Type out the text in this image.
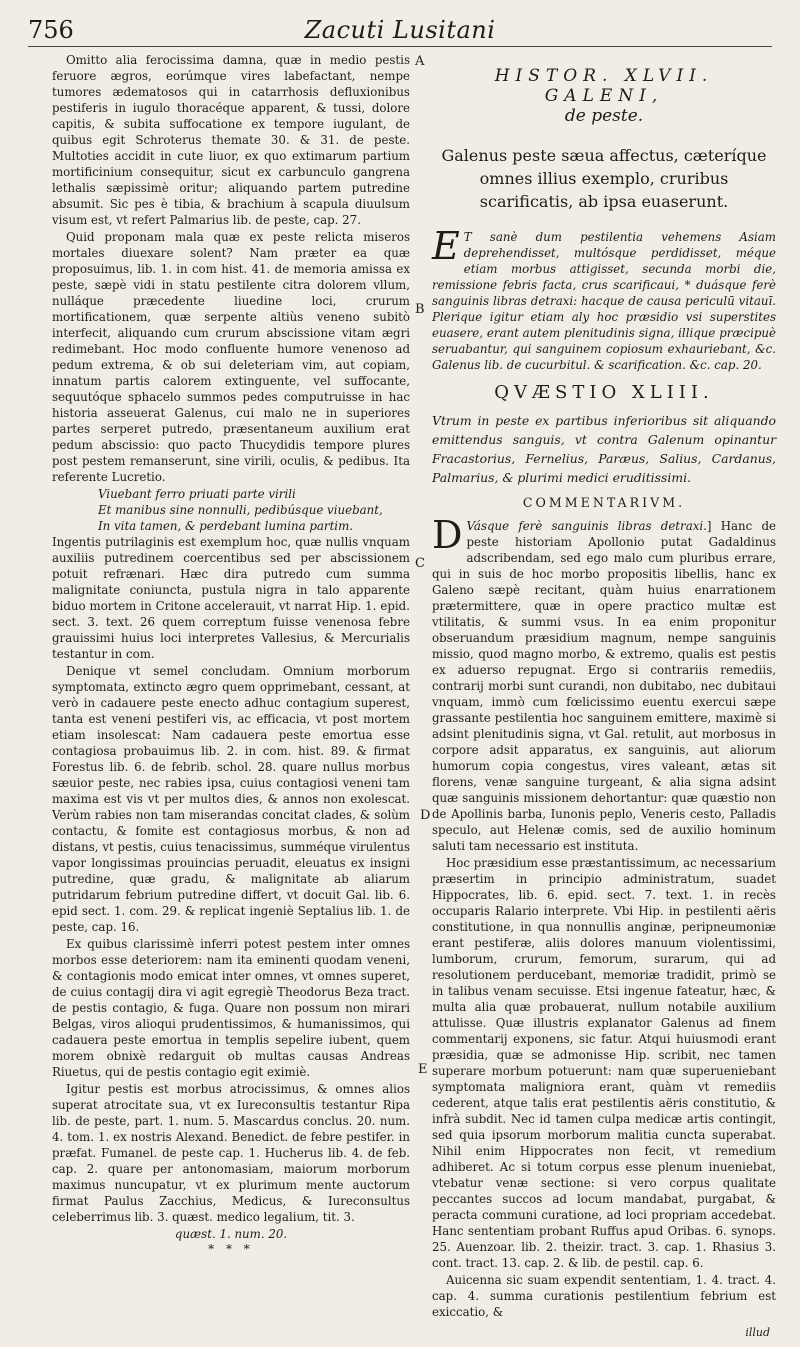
756	Zacuti Lusitani
A
B
C
D
E

Omitto alia ferocissima damna, quæ in medio pestis feruore ægros, eorúmque vires labefactant, nempe tumores ædematosos qui in catarrhosis defluxionibus pestiferis in iugulo thoracéque apparent, & tussi, dolore capitis, & subita suffocatione ex tempore iugulant, de quibus egit Schroterus themate 30. & 31. de peste. Multoties accidit in cute liuor, ex quo extimarum partium mortificinium consequitur, sicut ex carbunculo gangrena lethalis sæpissimè oritur; aliquando partem putredine absumit. Sic pes è tibia, & brachium à scapula diuulsum visum est, vt refert Palmarius lib. de peste, cap. 27.

Quid proponam mala quæ ex peste relicta miseros mortales diuexare solent? Nam præter ea quæ proposuimus, lib. 1. in com hist. 41. de memoria amissa ex peste, sæpè vidi in statu pestilente citra dolorem vllum, nulláque præcedente liuedine loci, crurum mortificationem, quæ serpente altiùs veneno subitò interfecit, aliquando cum crurum abscissione vitam ægri redimebant. Hoc modo confluente humore venenoso ad pedum extrema, & ob sui deleteriam vim, aut copiam, innatum partis calorem extinguente, vel suffocante, sequutóque sphacelo summos pedes computruisse in hac historia asseuerat Galenus, cui malo ne in superiores partes serperet putredo, præsentaneum auxilium erat pedum abscissio: quo pacto Thucydidis tempore plures post pestem remanserunt, sine virili, oculis, & pedibus. Ita referente Lucretio.

Viuebant ferro priuati parte virili
Et manibus sine nonnulli, pedibúsque viuebant,
In vita tamen, & perdebant lumina partim.

Ingentis putrilaginis est exemplum hoc, quæ nullis vnquam auxiliis putredinem coercentibus sed per abscissionem potuit refrænari. Hæc dira putredo cum summa malignitate coniuncta, pustula nigra in talo apparente biduo mortem in Critone accelerauit, vt narrat Hip. 1. epid. sect. 3. text. 26 quem correptum fuisse venenosa febre grauissimi huius loci interpretes Vallesius, & Mercurialis testantur in com.

Denique vt semel concludam. Omnium morborum symptomata, extincto ægro quem opprimebant, cessant, at verò in cadauere peste enecto adhuc contagium superest, tanta est veneni pestiferi vis, ac efficacia, vt post mortem etiam insolescat: Nam cadauera peste emortua esse contagiosa probauimus lib. 2. in com. hist. 89. & firmat Forestus lib. 6. de febrib. schol. 28. quare nullus morbus sæuior peste, nec rabies ipsa, cuius contagiosi veneni tam maxima est vis vt per multos dies, & annos non exolescat. Verùm rabies non tam miserandas concitat clades, & solùm contactu, & fomite est contagiosus morbus, & non ad distans, vt pestis, cuius tenacissimus, summéque virulentus vapor longissimas prouincias peruadit, eleuatus ex insigni putredine, quæ gradu, & malignitate ab aliarum putridarum febrium putredine differt, vt docuit Gal. lib. 6. epid sect. 1. com. 29. & replicat ingeniè Septalius lib. 1. de peste, cap. 16.

Ex quibus clarissimè inferri potest pestem inter omnes morbos esse deteriorem: nam ita eminenti quodam veneni, & contagionis modo emicat inter omnes, vt omnes superet, de cuius contagij dira vi agit egregiè Theodorus Beza tract. de pestis contagio, & fuga. Quare non possum non mirari Belgas, viros alioqui prudentissimos, & humanissimos, qui cadauera peste emortua in templis sepelire iubent, quem morem obnixè redarguit ob multas causas Andreas Riuetus, qui de pestis contagio egit eximiè.

Igitur pestis est morbus atrocissimus, & omnes alios superat atrocitate sua, vt ex Iureconsultis testantur Ripa lib. de peste, part. 1. num. 5. Mascardus conclus. 20. num. 4. tom. 1. ex nostris Alexand. Benedict. de febre pestifer. in præfat. Fumanel. de peste cap. 1. Hucherus lib. 4. de feb. cap. 2. quare per antonomasiam, maiorum morborum maximus nuncupatur, vt ex plurimum mente auctorum firmat Paulus Zacchius, Medicus, & Iureconsultus celeberrimus lib. 3. quæst. medico legalium, tit. 3.

quæst. 1. num. 20.
* * *
HISTOR. XLVII. GALENI,
de peste.
Galenus peste sæua affectus, cæteríque omnes illius exemplo, cruribus scarificatis, ab ipsa euaserunt.

E T sanè dum pestilentia vehemens Asiam deprehendisset, multósque perdidisset, méque etiam morbus attigisset, secunda morbi die, remissione febris facta, crus scarificaui, * duásque ferè sanguinis libras detraxi: hacque de causa periculū vitauī. Plerique igitur etiam aly hoc præsidio vsi superstites euasere, erant autem plenitudinis signa, illique præcipuè seruabantur, qui sanguinem copiosum exhauriebant, &c. Galenus lib. de cucurbitul. & scarification. &c. cap. 20.

QVÆSTIO XLIII.
Vtrum in peste ex partibus inferioribus sit aliquando emittendus sanguis, vt contra Galenum opinantur Fracastorius, Fernelius, Paræus, Salius, Cardanus, Palmarius, & plurimi medici eruditissimi.
COMMENTARIVM.

D Vásque ferè sanguinis libras detraxi.] Hanc de peste historiam Apollonio putat Gadaldinus adscribendam, sed ego malo cum pluribus errare, qui in suis de hoc morbo propositis libellis, hanc ex Galeno sæpè recitant, quàm huius enarrationem prætermittere, quæ in opere practico multæ est vtilitatis, & summi vsus. In ea enim proponitur obseruandum præsidium magnum, nempe sanguinis missio, quod magno morbo, & extremo, qualis est pestis ex aduerso repugnat. Ergo si contrariis remediis, contrarij morbi sunt curandi, non dubitabo, nec dubitaui vnquam, immò cum fœlicissimo euentu exercui sæpe grassante pestilentia hoc sanguinem emittere, maximè si adsint plenitudinis signa, vt Gal. retulit, aut morbosus in corpore adsit apparatus, ex sanguinis, aut aliorum humorum copia congestus, vires valeant, ætas sit florens, venæ sanguine turgeant, & alia signa adsint quæ sanguinis missionem dehortantur: quæ quæstio non de Apollinis barba, Iunonis peplo, Veneris cesto, Palladis speculo, aut Helenæ comis, sed de auxilio hominum saluti tam necessario est instituta.

Hoc præsidium esse præstantissimum, ac necessarium præsertim in principio administratum, suadet Hippocrates, lib. 6. epid. sect. 7. text. 1. in recès occuparis Ralario interprete. Vbi Hip. in pestilenti aëris constitutione, in qua nonnullis anginæ, peripneumoniæ erant pestiferæ, aliis dolores manuum violentissimi, lumborum, crurum, femorum, surarum, qui ad resolutionem perducebant, memoriæ tradidit, primò se in talibus venam secuisse. Etsi ingenue fateatur, hæc, & multa alia quæ probauerat, nullum notabile auxilium attulisse. Quæ illustris explanator Galenus ad finem commentarij exponens, sic fatur. Atqui huiusmodi erant præsidia, quæ se admonisse Hip. scribit, nec tamen superare morbum potuerunt: nam quæ superueniebant symptomata maligniora erant, quàm vt remediis cederent, atque talis erat pestilentis aëris constitutio, & infrà subdit. Nec id tamen culpa medicæ artis contingit, sed quia ipsorum morborum malitia cuncta superabat. Nihil enim Hippocrates non fecit, vt remedium adhiberet. Ac si totum corpus esse plenum inueniebat, vtebatur venæ sectione: si vero corpus qualitate peccantes succos ad locum mandabat, purgabat, & peracta communi curatione, ad loci propriam accedebat. Hanc sententiam probant Ruffus apud Oribas. 6. synops. 25. Auenzoar. lib. 2. theizir. tract. 3. cap. 1. Rhasius 3. cont. tract. 13. cap. 2. & lib. de pestil. cap. 6.

Auicenna sic suam expendit sententiam, 1. 4. tract. 4. cap. 4. summa curationis pestilentium febrium est exiccatio, &

illud
